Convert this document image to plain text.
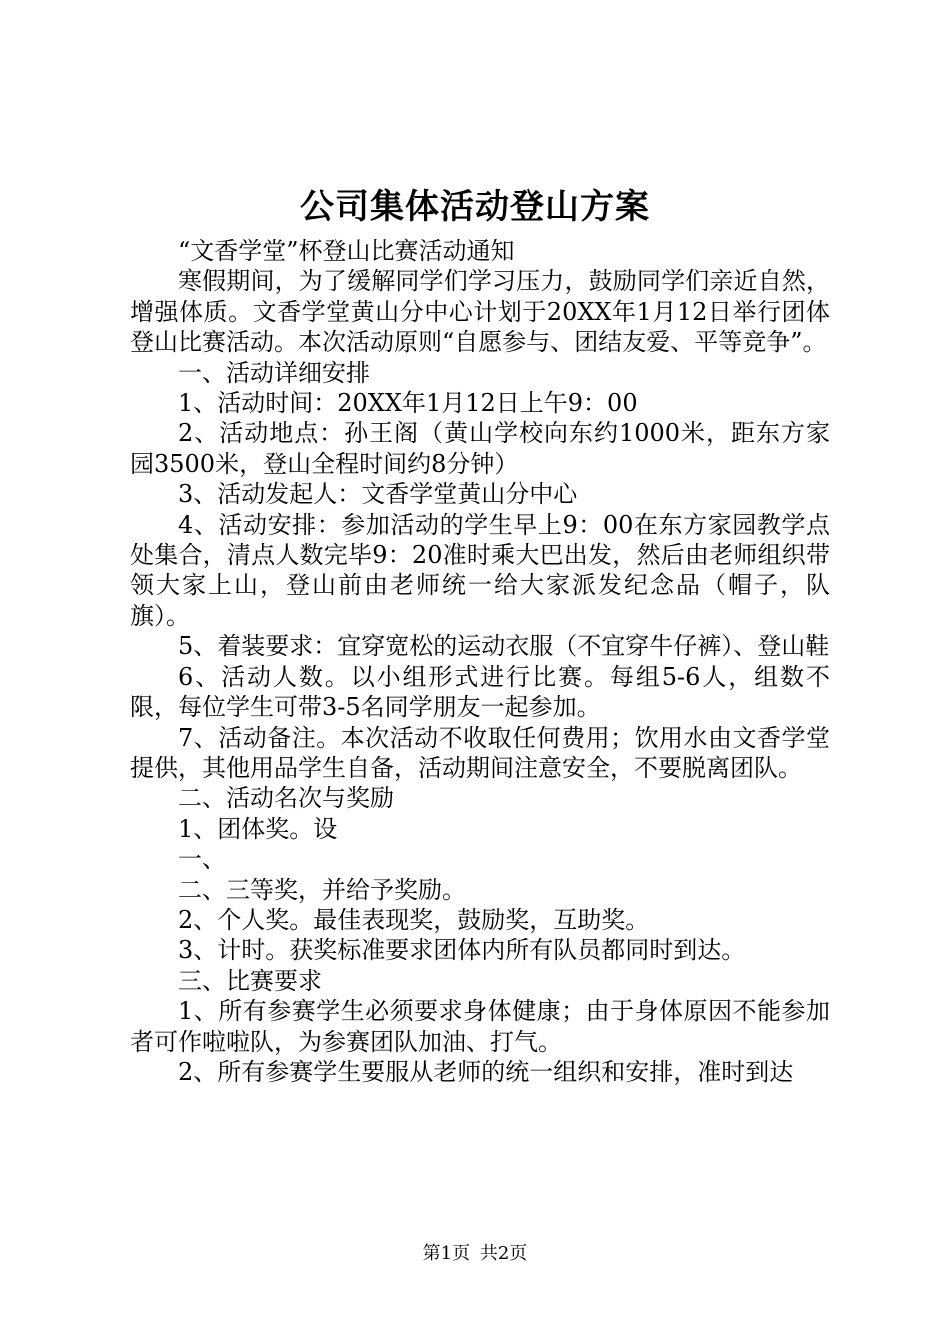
公司集体活动登山方案

“文香学堂”杯登山比赛活动通知

寒假期间，为了缓解同学们学习压力，鼓励同学们亲近自然，增强体质。文香学堂黄山分中心计划于20XX年1月12日举行团体登山比赛活动。本次活动原则“自愿参与、团结友爱、平等竞争”。

一、活动详细安排

1、活动时间：20XX年1月12日上午9：00

2、活动地点：孙王阁（黄山学校向东约1000米，距东方家园3500米，登山全程时间约8分钟）

3、活动发起人：文香学堂黄山分中心

4、活动安排：参加活动的学生早上9：00在东方家园教学点处集合，清点人数完毕9：20准时乘大巴出发，然后由老师组织带领大家上山，登山前由老师统一给大家派发纪念品（帽子，队旗）。

5、着装要求：宜穿宽松的运动衣服（不宜穿牛仔裤）、登山鞋

6、活动人数。以小组形式进行比赛。每组5-6人，组数不限，每位学生可带3-5名同学朋友一起参加。

7、活动备注。本次活动不收取任何费用；饮用水由文香学堂提供，其他用品学生自备，活动期间注意安全，不要脱离团队。

二、活动名次与奖励

1、团体奖。设

一、

二、三等奖，并给予奖励。

2、个人奖。最佳表现奖，鼓励奖，互助奖。

3、计时。获奖标准要求团体内所有队员都同时到达。

三、比赛要求

1、所有参赛学生必须要求身体健康；由于身体原因不能参加者可作啦啦队，为参赛团队加油、打气。

2、所有参赛学生要服从老师的统一组织和安排，准时到达

第1页 共2页
